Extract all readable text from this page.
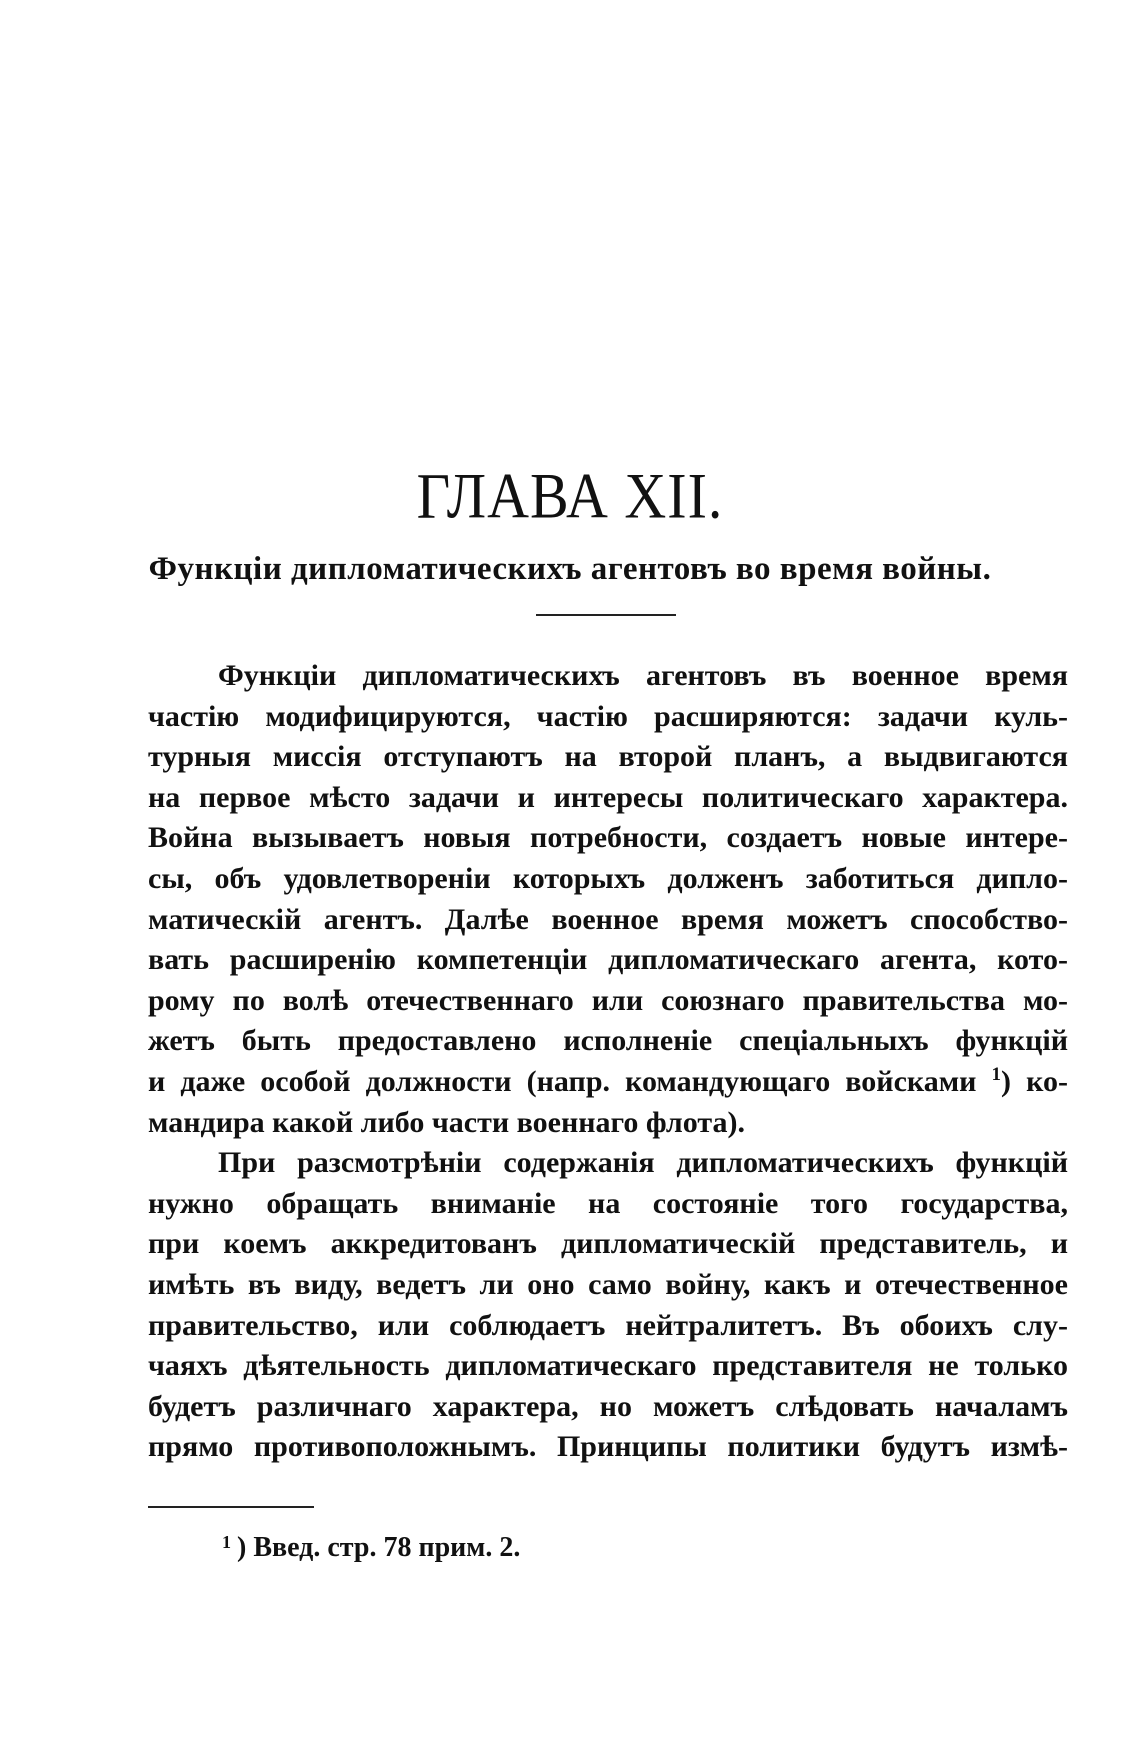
ГЛАВА XII.
Функціи дипломатическихъ агентовъ во время войны.
Функціи дипломатическихъ агентовъ въ военное время
частію модифицируются, частію расширяются: задачи куль-
турныя миссія отступаютъ на второй планъ, а выдвигаются
на первое мѣсто задачи и интересы политическаго характера.
Война вызываетъ новыя потребности, создаетъ новые интере-
сы, объ удовлетвореніи которыхъ долженъ заботиться дипло-
матическій агентъ. Далѣе военное время можетъ способство-
вать расширенію компетенціи дипломатическаго агента, кото-
рому по волѣ отечественнаго или союзнаго правительства мо-
жетъ быть предоставлено исполненіе спеціальныхъ функцій
и даже особой должности (напр. командующаго войсками $^1$) ко-
мандира какой либо части военнаго флота).
При разсмотрѣніи содержанія дипломатическихъ функцій
нужно обращать вниманіе на состояніе того государства,
при коемъ аккредитованъ дипломатическій представитель, и
имѣть въ виду, ведетъ ли оно само войну, какъ и отечественное
правительство, или соблюдаетъ нейтралитетъ. Въ обоихъ слу-
чаяхъ дѣятельность дипломатическаго представителя не только
будетъ различнаго характера, но можетъ слѣдовать началамъ
прямо противоположнымъ. Принципы политики будутъ измѣ-
$^1$ ) Введ. стр. 78 прим. 2.
